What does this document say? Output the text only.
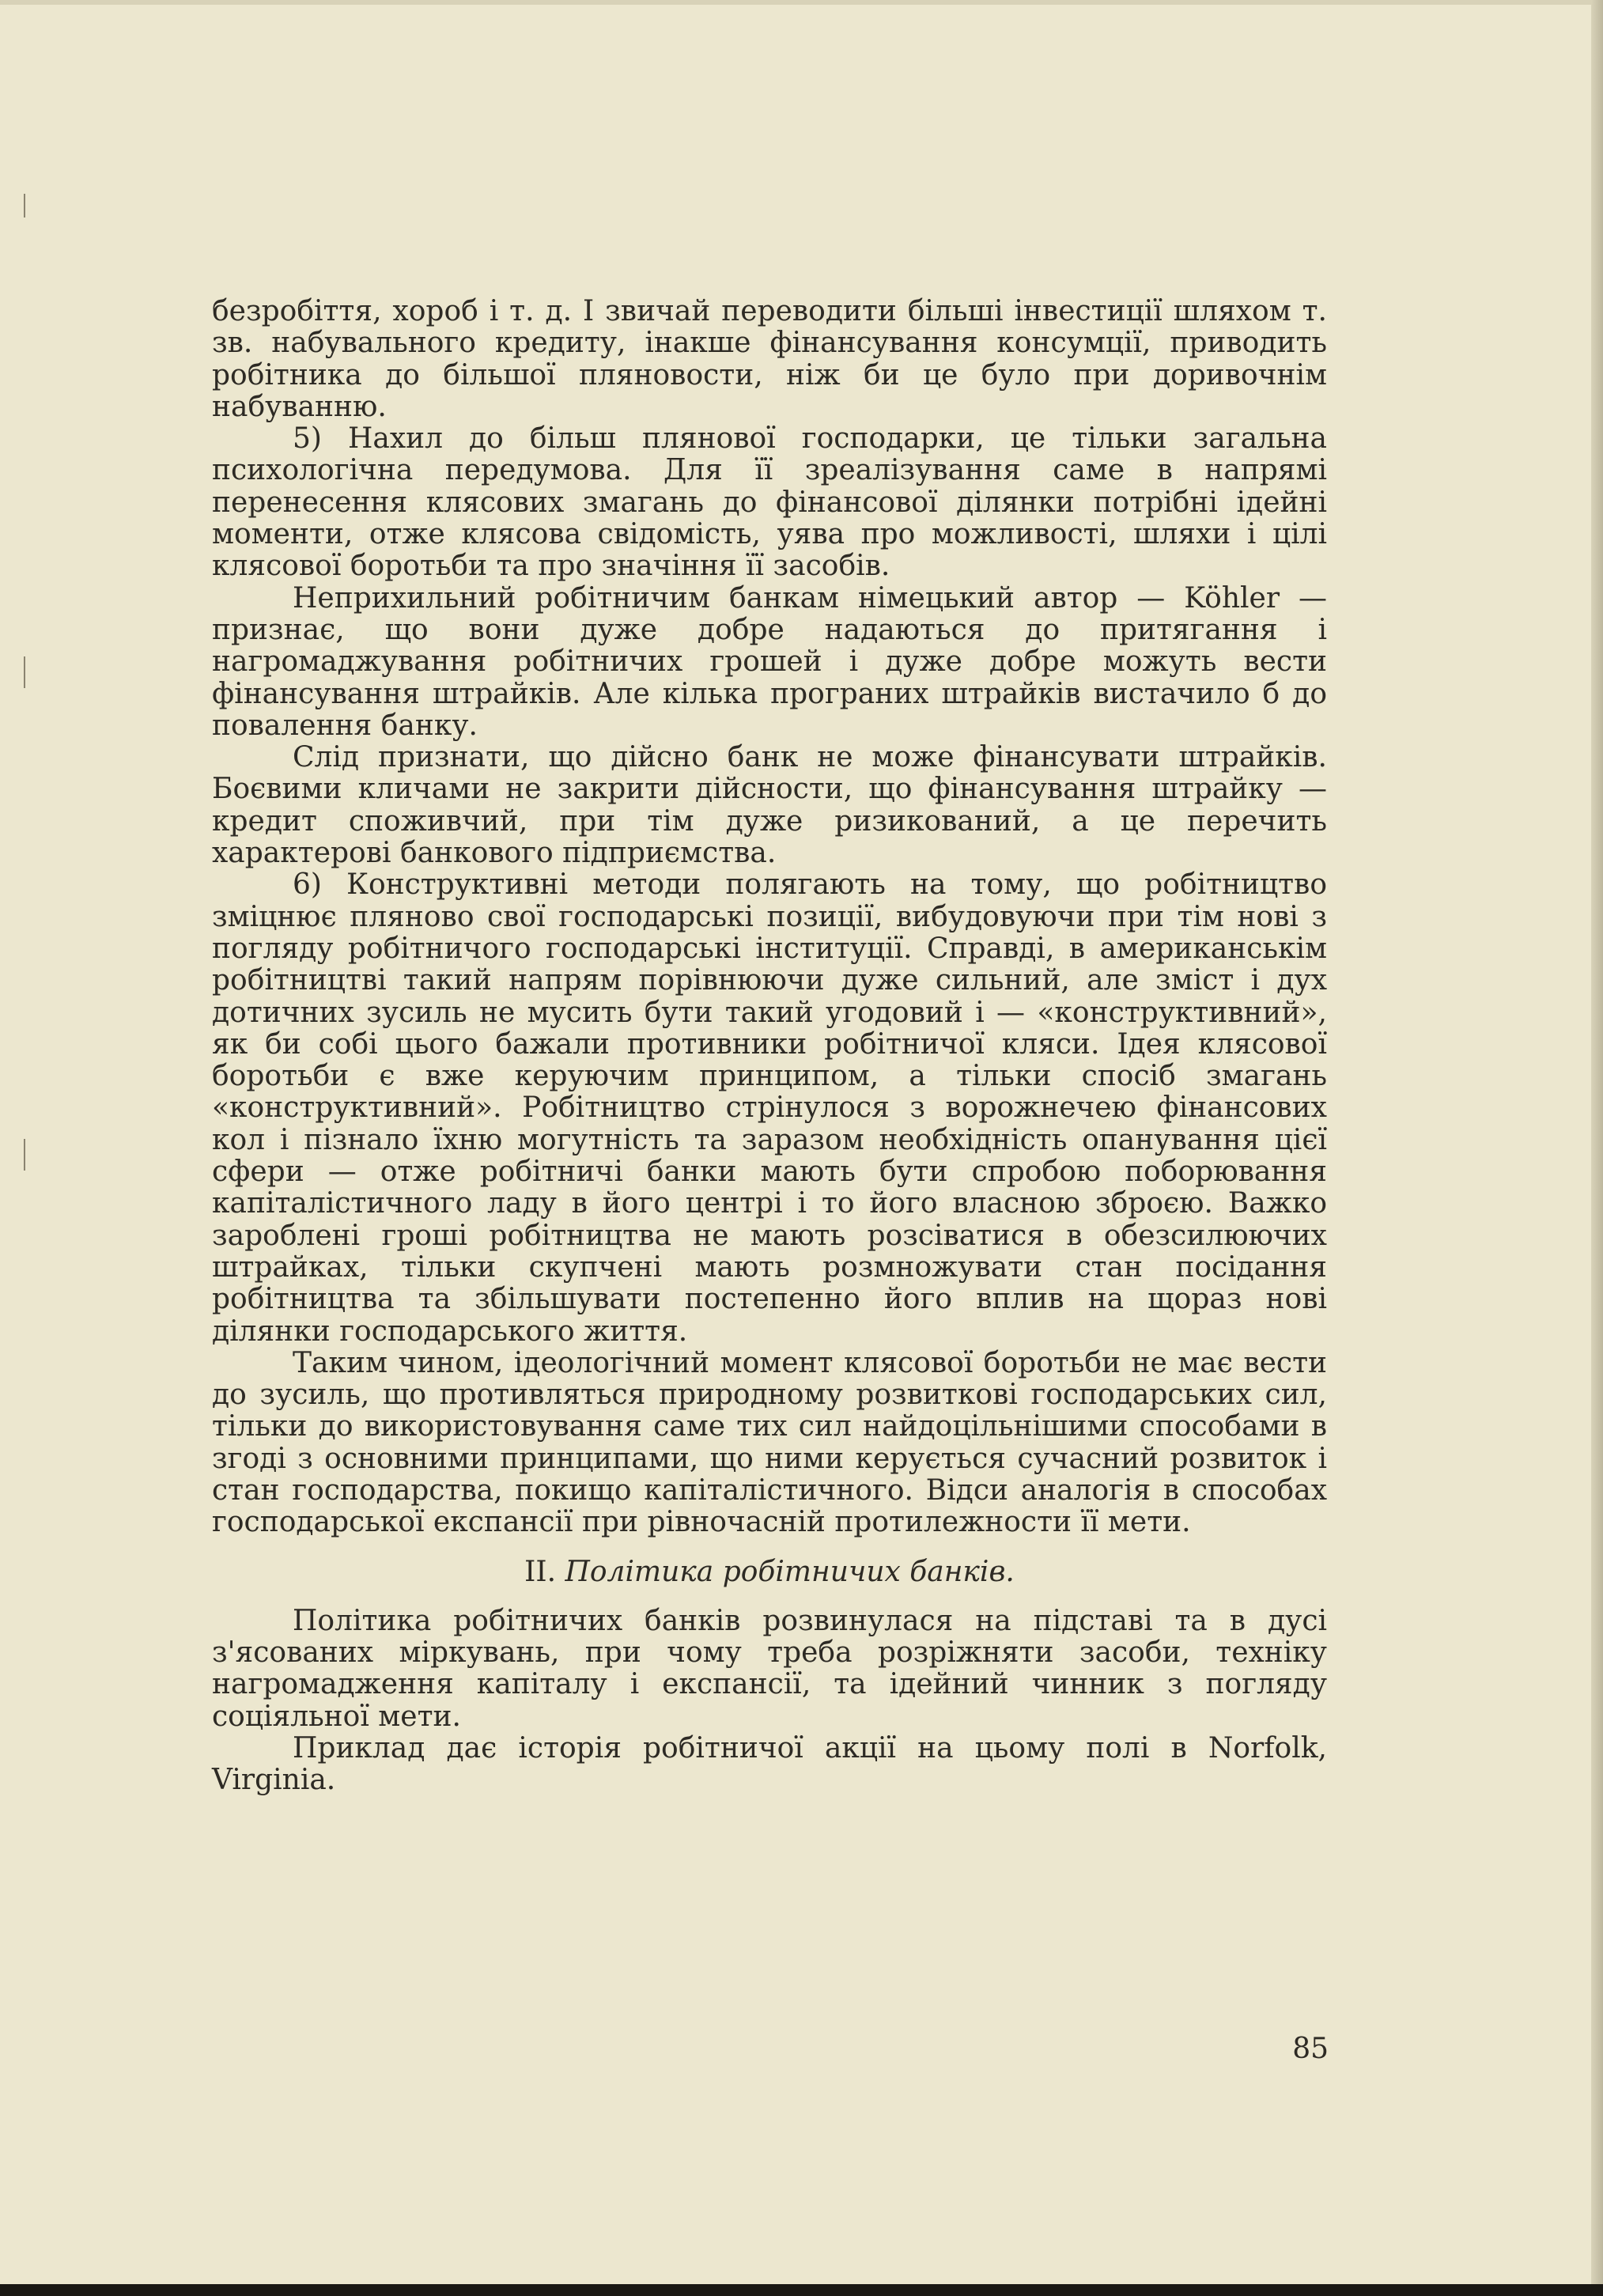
безробіття, хороб і т. д. І звичай переводити більші інвестиції шляхом т. зв. набувального кредиту, інакше фінансування консумції, приводить робітника до більшої пляновости, ніж би це було при доривочнім набуванню.

5) Нахил до більш плянової господарки, це тільки загальна психологічна передумова. Для її зреалізування саме в напрямі перенесення клясових змагань до фінансової ділянки потрібні ідейні моменти, отже клясова свідомість, уява про можливості, шляхи і цілі клясової боротьби та про значіння її засобів.

Неприхильний робітничим банкам німецький автор — Köhler — признає, що вони дуже добре надаються до притягання і нагромаджування робітничих грошей і дуже добре можуть вести фінансування штрайків. Але кілька програних штрайків вистачило б до повалення банку.

Слід признати, що дійсно банк не може фінансувати штрайків. Боєвими кличами не закрити дійсности, що фінансування штрайку — кредит споживчий, при тім дуже ризикований, а це перечить характерові банкового підприємства.

6) Конструктивні методи полягають на тому, що робітництво зміцнює пляново свої господарські позиції, вибудовуючи при тім нові з погляду робітничого господарські інституції. Справді, в американськім робітництві такий напрям порівнюючи дуже сильний, але зміст і дух дотичних зусиль не мусить бути такий угодовий і — «конструктивний», як би собі цього бажали противники робітничої кляси. Ідея клясової боротьби є вже керуючим принципом, а тільки спосіб змагань «конструктивний». Робітництво стрінулося з ворожнечею фінансових кол і пізнало їхню могутність та заразом необхідність опанування цієї сфери — отже робітничі банки мають бути спробою поборювання капіталістичного ладу в його центрі і то його власною зброєю. Важко зароблені гроші робітництва не мають розсіватися в обезсилюючих штрайках, тільки скупчені мають розмножувати стан посідання робітництва та збільшувати постепенно його вплив на щораз нові ділянки господарського життя.

Таким чином, ідеологічний момент клясової боротьби не має вести до зусиль, що противляться природному розвиткові господарських сил, тільки до використовування саме тих сил найдоцільнішими способами в згоді з основними принципами, що ними керується сучасний розвиток і стан господарства, покищо капіталістичного. Відси аналогія в способах господарської експансії при рівночасній протилежности її мети.

II. Політика робітничих банків.

Політика робітничих банків розвинулася на підставі та в дусі з'ясованих міркувань, при чому треба розріжняти засоби, техніку нагромадження капіталу і експансії, та ідейний чинник з погляду соціяльної мети.

Приклад дає історія робітничої акції на цьому полі в Norfolk, Virginia.

85
